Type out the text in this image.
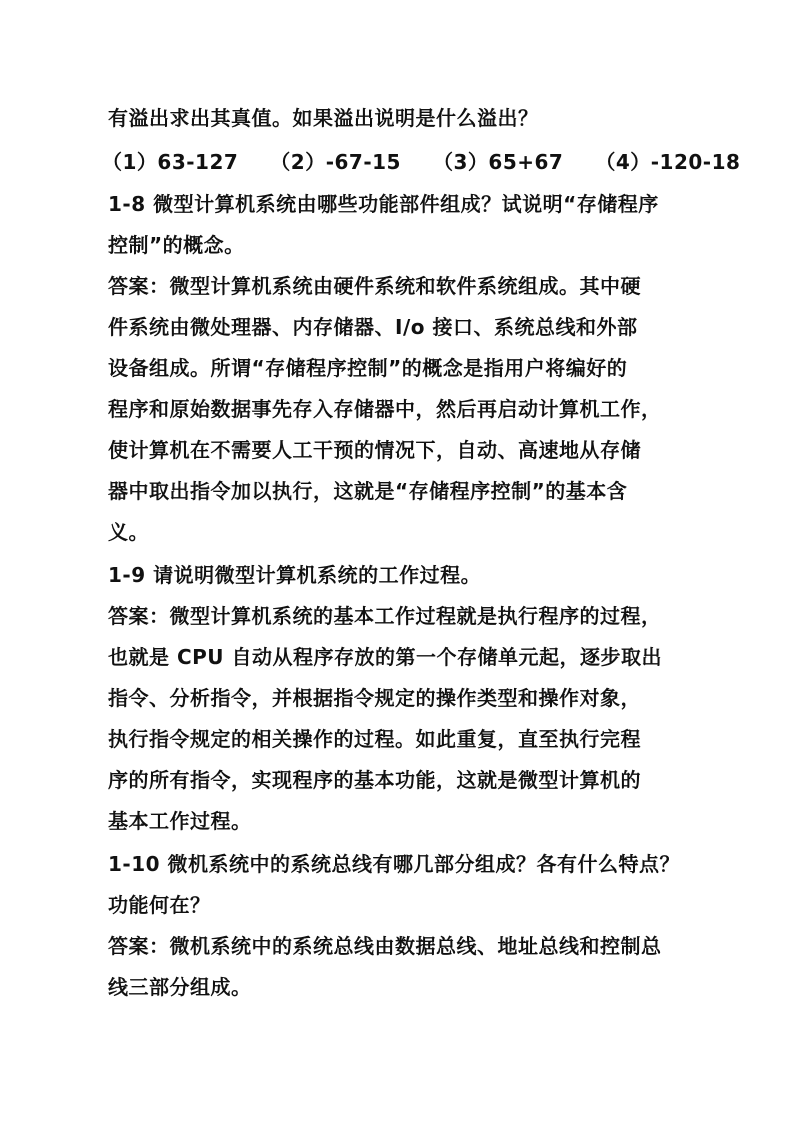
有溢出求出其真值。如果溢出说明是什么溢出？
（1）63-127 （2）-67-15 （3）65+67 （4）-120-18
1-8 微型计算机系统由哪些功能部件组成？试说明“存储程序
控制”的概念。
答案：微型计算机系统由硬件系统和软件系统组成。其中硬
件系统由微处理器、内存储器、I/o 接口、系统总线和外部
设备组成。所谓“存储程序控制”的概念是指用户将编好的
程序和原始数据事先存入存储器中，然后再启动计算机工作，
使计算机在不需要人工干预的情况下，自动、高速地从存储
器中取出指令加以执行，这就是“存储程序控制”的基本含
义。
1-9 请说明微型计算机系统的工作过程。
答案：微型计算机系统的基本工作过程就是执行程序的过程，
也就是 CPU 自动从程序存放的第一个存储单元起，逐步取出
指令、分析指令，并根据指令规定的操作类型和操作对象，
执行指令规定的相关操作的过程。如此重复，直至执行完程
序的所有指令，实现程序的基本功能，这就是微型计算机的
基本工作过程。
1-10 微机系统中的系统总线有哪几部分组成？各有什么特点？
功能何在？
答案：微机系统中的系统总线由数据总线、地址总线和控制总
线三部分组成。
